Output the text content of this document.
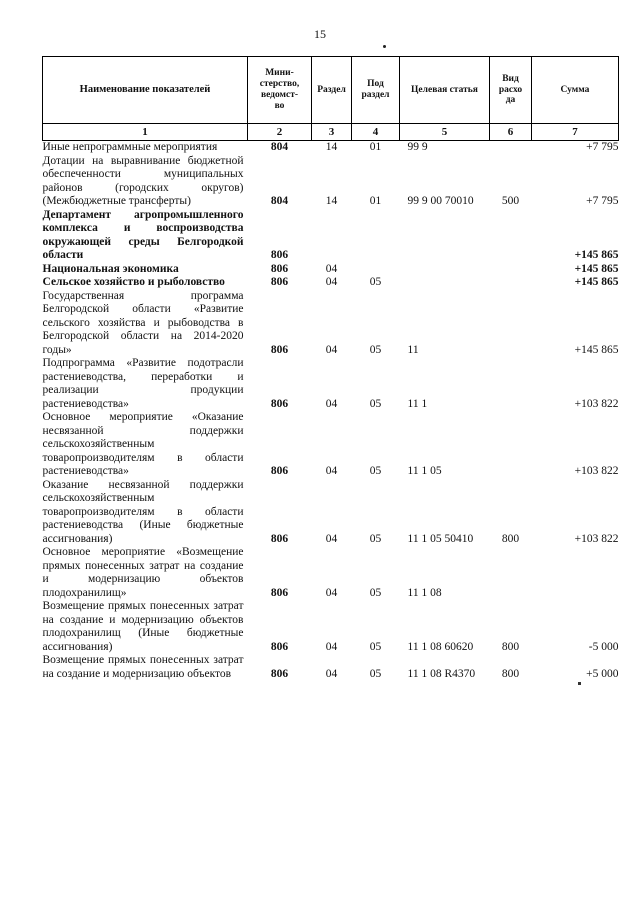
15
Наименование показателей	Мини-
стерство,
ведомст-
во	Раздел	Под
раздел	Целевая статья	Вид
расхо
да	Сумма
1	2	3	4	5	6	7
Иные непрограммные мероприятия	804	14	01	99 9		+7 795
Дотации на выравнивание бюджетной обеспеченности муниципальных районов (городских округов) (Межбюджетные трансферты)	804	14	01	99 9 00 70010	500	+7 795
Департамент агропромышленного комплекса и воспроизводства окружающей среды Белгородкой области	806					+145 865
Национальная экономика	806	04				+145 865
Сельское хозяйство и рыболовство	806	04	05			+145 865
Государственная программа Белгородской области «Развитие сельского хозяйства и рыбоводства в Белгородской области на 2014-2020 годы»	806	04	05	11		+145 865
Подпрограмма «Развитие подотрасли растениеводства, переработки и реализации продукции растениеводства»	806	04	05	11 1		+103 822
Основное мероприятие «Оказание несвязанной поддержки сельскохозяйственным товаропроизводителям в области растениеводства»	806	04	05	11 1 05		+103 822
Оказание несвязанной поддержки сельскохозяйственным товаропроизводителям в области растениеводства (Иные бюджетные ассигнования)	806	04	05	11 1 05 50410	800	+103 822
Основное мероприятие «Возмещение прямых понесенных затрат на создание и модернизацию объектов плодохранилищ»	806	04	05	11 1 08		
Возмещение прямых понесенных затрат на создание и модернизацию объектов плодохранилищ (Иные бюджетные ассигнования)	806	04	05	11 1 08 60620	800	-5 000
Возмещение прямых понесенных затрат на создание и модернизацию объектов	806	04	05	11 1 08 R4370	800	+5 000
